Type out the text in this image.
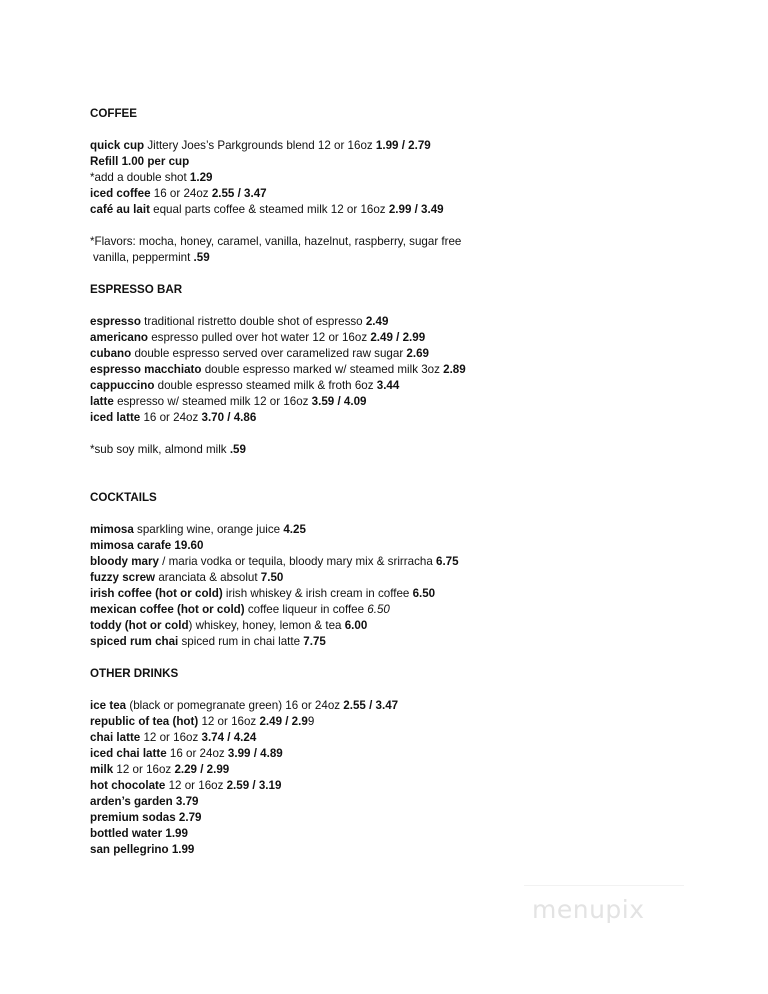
COFFEE
quick cup Jittery Joes’s Parkgrounds blend 12 or 16oz 1.99 / 2.79
Refill 1.00 per cup
*add a double shot 1.29
iced coffee 16 or 24oz 2.55 / 3.47
café au lait equal parts coffee & steamed milk 12 or 16oz 2.99 / 3.49
*Flavors: mocha, honey, caramel, vanilla, hazelnut, raspberry, sugar free
vanilla, peppermint .59
ESPRESSO BAR
espresso traditional ristretto double shot of espresso 2.49
americano espresso pulled over hot water 12 or 16oz 2.49 / 2.99
cubano double espresso served over caramelized raw sugar 2.69
espresso macchiato double espresso marked w/ steamed milk 3oz 2.89
cappuccino double espresso steamed milk & froth 6oz 3.44
latte espresso w/ steamed milk 12 or 16oz 3.59 / 4.09
iced latte 16 or 24oz 3.70 / 4.86
*sub soy milk, almond milk .59
COCKTAILS
mimosa sparkling wine, orange juice 4.25
mimosa carafe 19.60
bloody mary / maria vodka or tequila, bloody mary mix & srirracha 6.75
fuzzy screw aranciata & absolut 7.50
irish coffee (hot or cold) irish whiskey & irish cream in coffee 6.50
mexican coffee (hot or cold) coffee liqueur in coffee 6.50
toddy (hot or cold) whiskey, honey, lemon & tea 6.00
spiced rum chai spiced rum in chai latte 7.75
OTHER DRINKS
ice tea (black or pomegranate green) 16 or 24oz 2.55 / 3.47
republic of tea (hot) 12 or 16oz 2.49 / 2.99
chai latte 12 or 16oz 3.74 / 4.24
iced chai latte 16 or 24oz 3.99 / 4.89
milk 12 or 16oz 2.29 / 2.99
hot chocolate 12 or 16oz 2.59 / 3.19
arden’s garden 3.79
premium sodas 2.79
bottled water 1.99
san pellegrino 1.99
menupix
